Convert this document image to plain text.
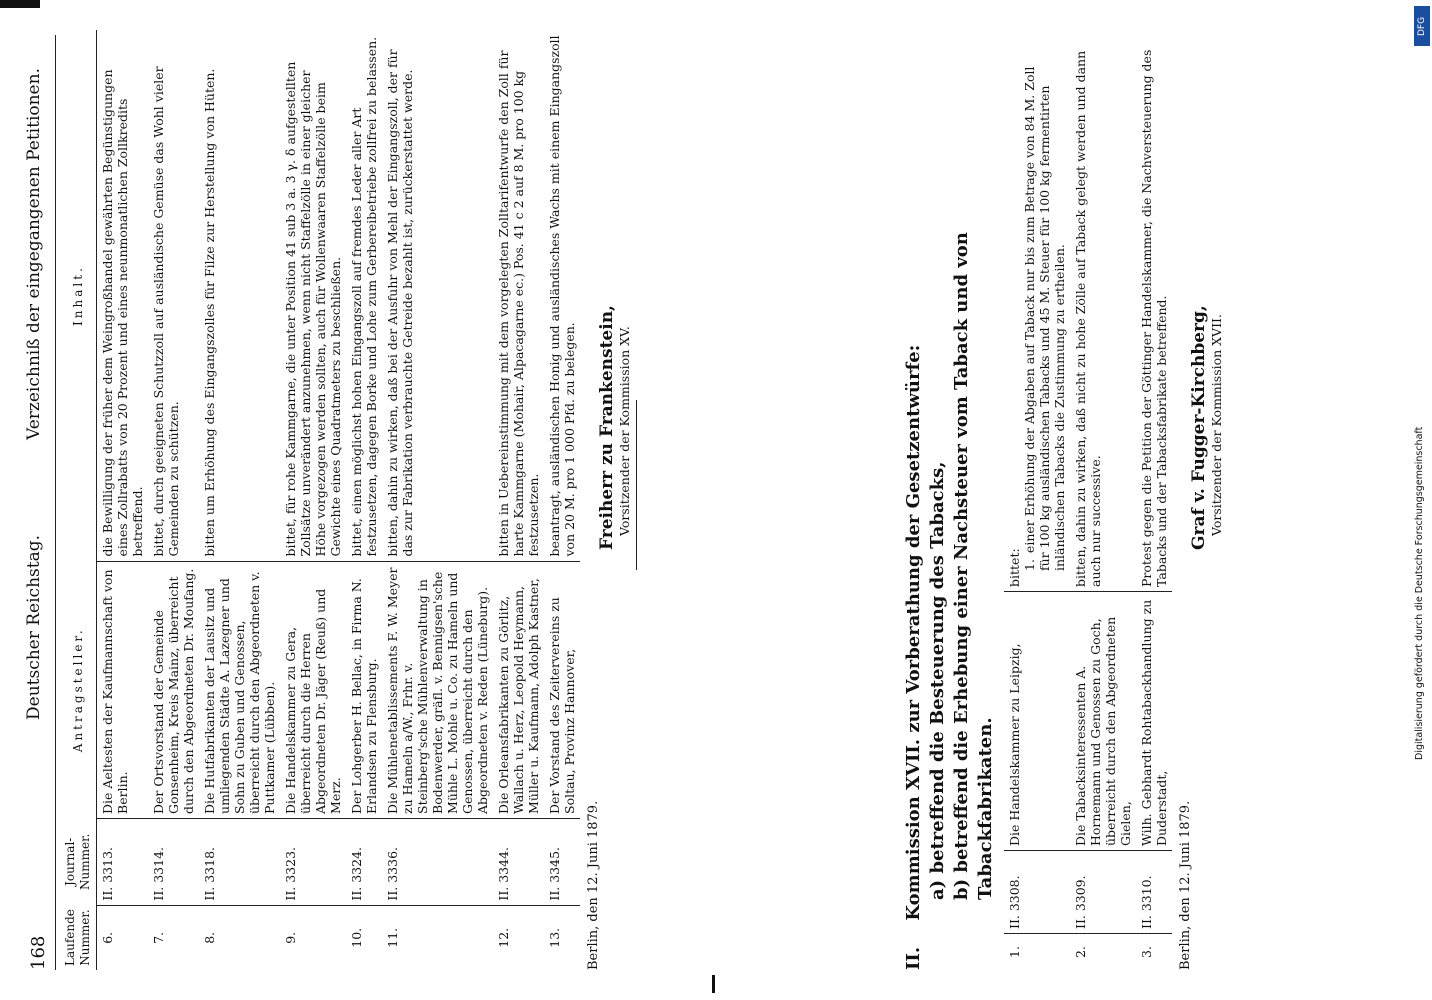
168
Deutscher Reichstag.
Verzeichniß der eingegangenen Petitionen.
Laufende Nummer.	Journal-Nummer.	Antragsteller.	Inhalt.
6.	II. 3313.	Die Aeltesten der Kaufmannschaft von Berlin.	die Bewilligung der früher dem Weingroßhandel gewährten Begünstigungen eines Zollrabatts von 20 Prozent und eines neunmonatlichen Zollkredits betreffend.
7.	II. 3314.	Der Ortsvorstand der Gemeinde Gonsenheim, Kreis Mainz, überreicht durch den Abgeordneten Dr. Moufang.	bittet, durch geeigneten Schutzzoll auf ausländische Gemüse das Wohl vieler Gemeinden zu schützen.
8.	II. 3318.	Die Hutfabrikanten der Lausitz und umliegenden Städte A. Lazegner und Sohn zu Guben und Genossen, überreicht durch den Abgeordneten v. Puttkamer (Lübben).	bitten um Erhöhung des Eingangszolles für Filze zur Herstellung von Hüten.
9.	II. 3323.	Die Handelskammer zu Gera, überreicht durch die Herren Abgeordneten Dr. Jäger (Reuß) und Merz.	bittet, für rohe Kammgarne, die unter Position 41 sub 3 a. 3 γ. δ aufgestellten Zollsätze unverändert anzunehmen, wenn nicht Staffelzölle in einer gleicher Höhe vorgezogen werden sollten, auch für Wollenwaaren Staffelzölle beim Gewichte eines Quadratmeters zu beschließen.
10.	II. 3324.	Der Lohgerber H. Bellac, in Firma N. Erlandsen zu Flensburg.	bittet, einen möglichst hohen Eingangszoll auf fremdes Leder aller Art festzusetzen, dagegen Borke und Lohe zum Gerbereibetriebe zollfrei zu belassen.
11.	II. 3336.	Die Mühlenetablissements F. W. Meyer zu Hameln a/W., Frhr. v. Steinberg'sche Mühlenverwaltung in Bodenwerder, gräfl. v. Bennigsen'sche Mühle L. Mohle u. Co. zu Hameln und Genossen, überreicht durch den Abgeordneten v. Reden (Lüneburg).	bitten, dahin zu wirken, daß bei der Ausfuhr von Mehl der Eingangszoll, der für das zur Fabrikation verbrauchte Getreide bezahlt ist, zurückerstattet werde.
12.	II. 3344.	Die Orleansfabrikanten zu Görlitz, Wallach u. Herz, Leopold Heymann, Müller u. Kaufmann, Adolph Kastner,	bitten in Uebereinstimmung mit dem vorgelegten Zolltarifentwurfe den Zoll für harte Kammgarne (Mohair, Alpacagarne ec.) Pos. 41 c 2 auf 8 M. pro 100 kg festzusetzen.
13.	II. 3345.	Der Vorstand des Zeitervereins zu Soltau, Provinz Hannover,	beantragt, ausländischen Honig und ausländisches Wachs mit einem Eingangszoll von 20 M. pro 1 000 Pfd. zu belegen.
Berlin, den 12. Juni 1879.
Freiherr zu Frankenstein, Vorsitzender der Kommission XV.
II. Kommission XVII. zur Vorberathung der Gesetzentwürfe: a) betreffend die Besteuerung des Tabacks, b) betreffend die Erhebung einer Nachsteuer vom Taback und von Tabackfabrikaten.
1.	II. 3308.	Die Handelskammer zu Leipzig,	bittet: 1.einer Erhöhung der Abgaben auf Taback nur bis zum Betrage von 84 M. Zoll für 100 kg ausländischen Tabacks und 45 M. Steuer für 100 kg fermentirten inländischen Tabacks die Zustimmung zu ertheilen.

2.	II. 3309.	Die Tabacksinteressenten A. Hornemann und Genossen zu Goch, überreicht durch den Abgeordneten Gielen,	bitten, dahin zu wirken, daß nicht zu hohe Zölle auf Taback gelegt werden und dann auch nur successive.
3.	II. 3310.	Wilh. Gebhardt Rohtabackhandlung zu Duderstadt,	Protest gegen die Petition der Göttinger Handelskammer, die Nachversteuerung des Tabacks und der Tabacksfabrikate betreffend.
Berlin, den 12. Juni 1879.
Graf v. Fugger-Kirchberg, Vorsitzender der Kommission XVII.
DFG
Digitalisierung gefördert durch die Deutsche Forschungsgemeinschaft
